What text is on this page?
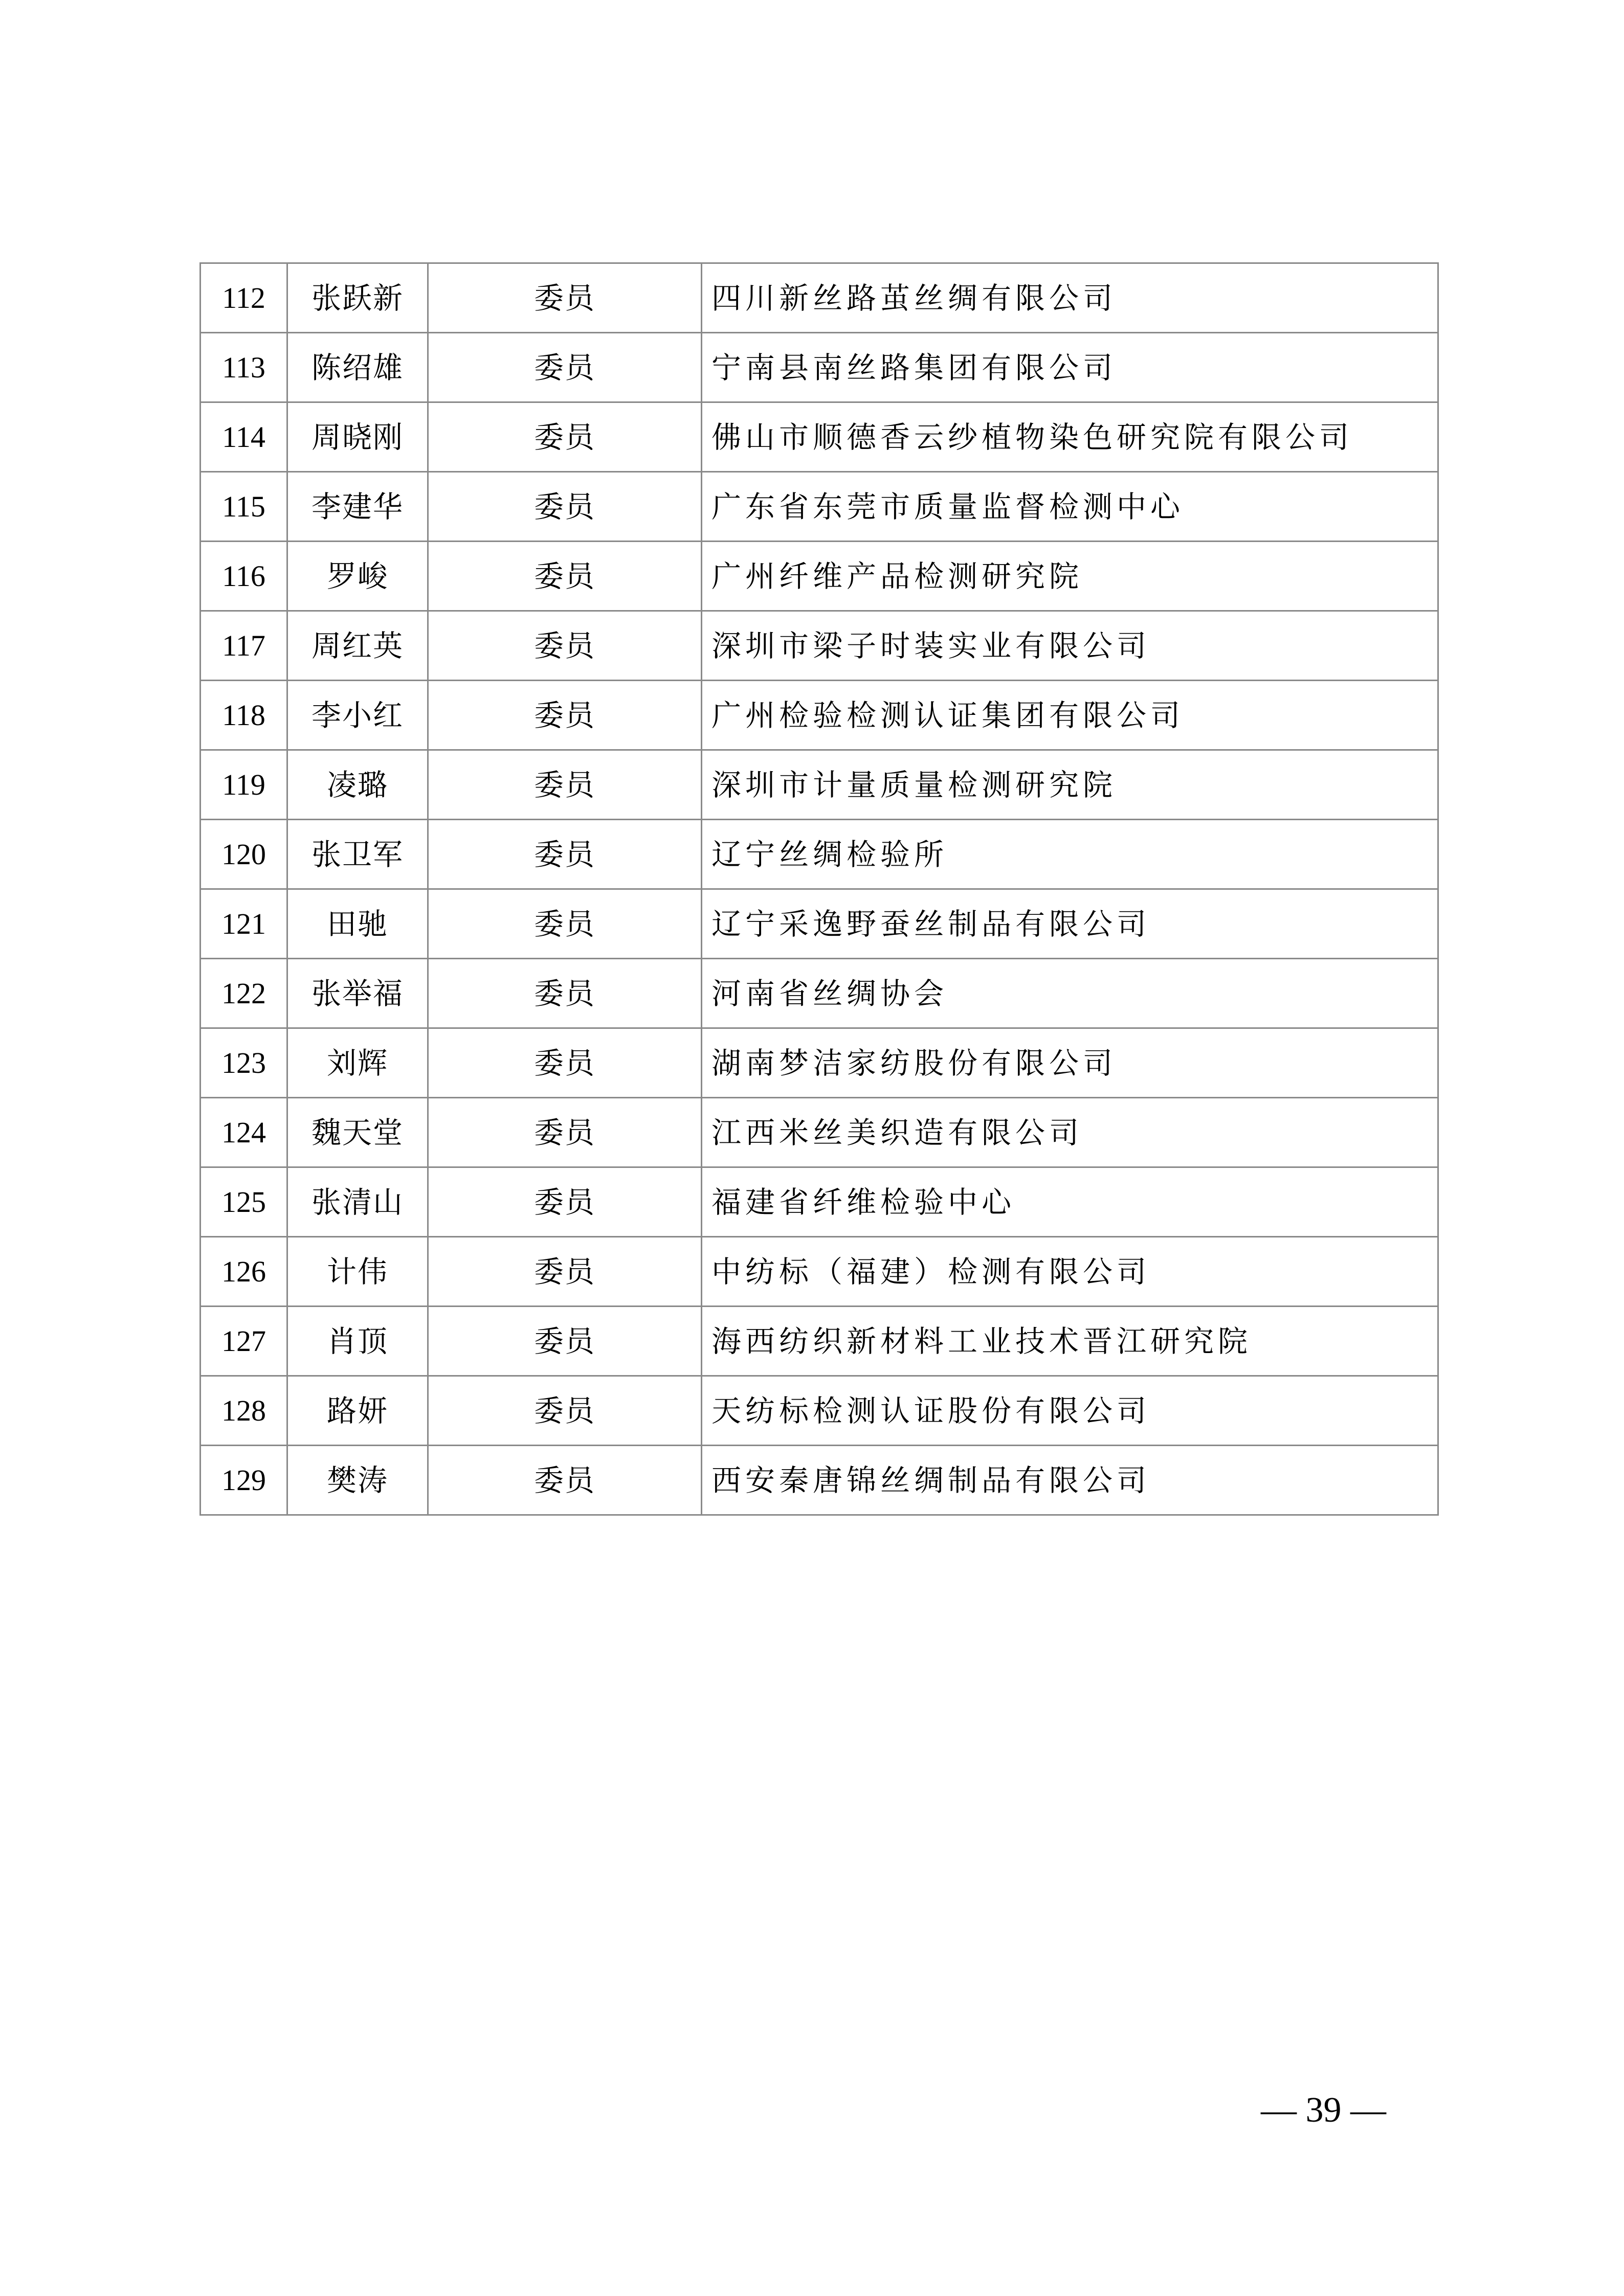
112	张跃新	委员	四川新丝路茧丝绸有限公司
113	陈绍雄	委员	宁南县南丝路集团有限公司
114	周晓刚	委员	佛山市顺德香云纱植物染色研究院有限公司
115	李建华	委员	广东省东莞市质量监督检测中心
116	罗峻	委员	广州纤维产品检测研究院
117	周红英	委员	深圳市梁子时装实业有限公司
118	李小红	委员	广州检验检测认证集团有限公司
119	凌璐	委员	深圳市计量质量检测研究院
120	张卫军	委员	辽宁丝绸检验所
121	田驰	委员	辽宁采逸野蚕丝制品有限公司
122	张举福	委员	河南省丝绸协会
123	刘辉	委员	湖南梦洁家纺股份有限公司
124	魏天堂	委员	江西米丝美织造有限公司
125	张清山	委员	福建省纤维检验中心
126	计伟	委员	中纺标（福建）检测有限公司
127	肖顶	委员	海西纺织新材料工业技术晋江研究院
128	路妍	委员	天纺标检测认证股份有限公司
129	樊涛	委员	西安秦唐锦丝绸制品有限公司
— 39 —
